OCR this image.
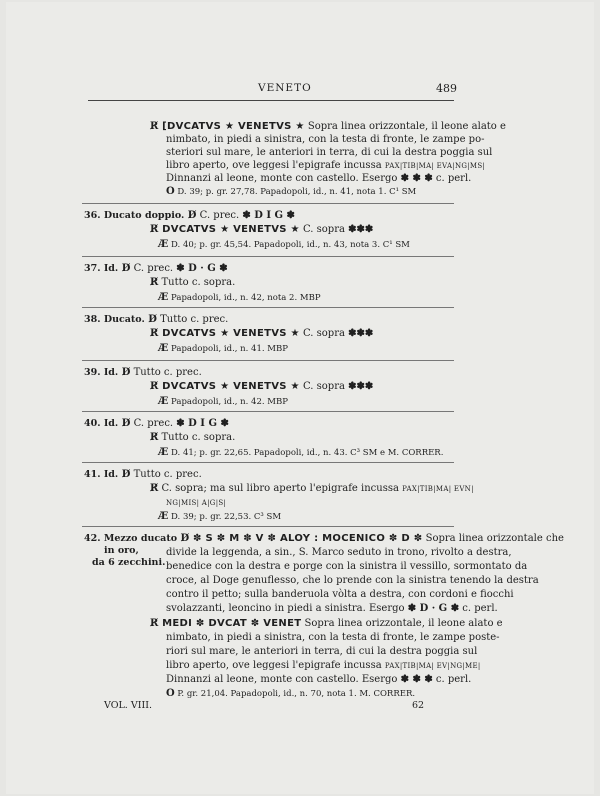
VENETO	489
R̸ [DVCATVS ★ VENETVS ★ Sopra linea orizzontale, il leone alato e
nimbato, in piedi a sinistra, con la testa di fronte, le zampe po-
steriori sul mare, le anteriori in terra, di cui la destra poggia sul
libro aperto, ove leggesi l'epigrafe incussa PAX|TIB|MA| EVA|NG|MS|
Dinnanzi al leone, monte con castello. Esergo ✽ ✽ ✽ c. perl.
O D. 39; p. gr. 27,78. Papadopoli, id., n. 41, nota 1. C¹ SM
36. Ducato doppio. D̸ C. prec. ✽ D I G ✽
R̸ DVCATVS ★ VENETVS ★ C. sopra ✽✽✽
Æ D. 40; p. gr. 45,54. Papadopoli, id., n. 43, nota 3. C¹ SM
37. Id. D̸ C. prec. ✽ D · G ✽
R̸ Tutto c. sopra.
Æ Papadopoli, id., n. 42, nota 2. MBP
38. Ducato. D̸ Tutto c. prec.
R̸ DVCATVS ★ VENETVS ★ C. sopra ✽✽✽
Æ Papadopoli, id., n. 41. MBP
39. Id. D̸ Tutto c. prec.
R̸ DVCATVS ★ VENETVS ★ C. sopra ✽✽✽
Æ Papadopoli, id., n. 42. MBP
40. Id. D̸ C. prec. ✽ D I G ✽
R̸ Tutto c. sopra.
Æ D. 41; p. gr. 22,65. Papadopoli, id., n. 43. C³ SM e M. CORRER.
41. Id. D̸ Tutto c. prec.
R̸ C. sopra; ma sul libro aperto l'epigrafe incussa PAX|TIB|MA| EVN|
NG|MIS| A|G|S|
Æ D. 39; p. gr. 22,53. C³ SM
42. Mezzo ducato D̸ ✽ S ✽ M ✽ V ✽ ALOY : MOCENICO ✽ D ✽ Sopra linea orizzontale che
in oro,	divide la leggenda, a sin., S. Marco seduto in trono, rivolto a destra,
da 6 zecchini. benedice con la destra e porge con la sinistra il vessillo, sormontato da
croce, al Doge genuflesso, che lo prende con la sinistra tenendo la destra
contro il petto; sulla banderuola vòlta a destra, con cordoni e fiocchi
svolazzanti, leoncino in piedi a sinistra. Esergo ✽ D · G ✽ c. perl.
R̸ MEDI ✽ DVCAT ✽ VENET Sopra linea orizzontale, il leone alato e
nimbato, in piedi a sinistra, con la testa di fronte, le zampe poste-
riori sul mare, le anteriori in terra, di cui la destra poggia sul
libro aperto, ove leggesi l'epigrafe incussa PAX|TIB|MA| EV|NG|ME|
Dinnanzi al leone, monte con castello. Esergo ✽ ✽ ✽ c. perl.
O P. gr. 21,04. Papadopoli, id., n. 70, nota 1. M. CORRER.
VOL. VIII.	62
